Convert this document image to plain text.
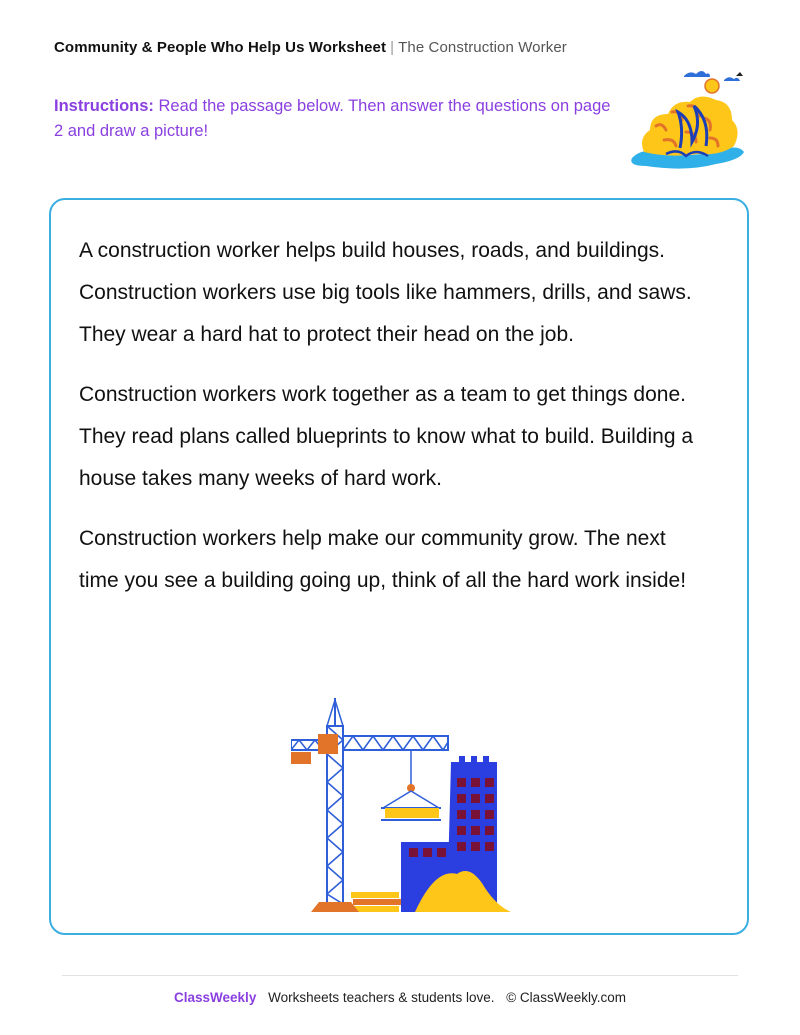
Community & People Who Help Us Worksheet | The Construction Worker
Instructions: Read the passage below. Then answer the questions on page 2 and draw a picture!

A construction worker helps build houses, roads, and buildings. Construction workers use big tools like hammers, drills, and saws. They wear a hard hat to protect their head on the job.

Construction workers work together as a team to get things done. They read plans called blueprints to know what to build. Building a house takes many weeks of hard work.

Construction workers help make our community grow. The next time you see a building going up, think of all the hard work inside!

ClassWeekly Worksheets teachers & students love. © ClassWeekly.com
